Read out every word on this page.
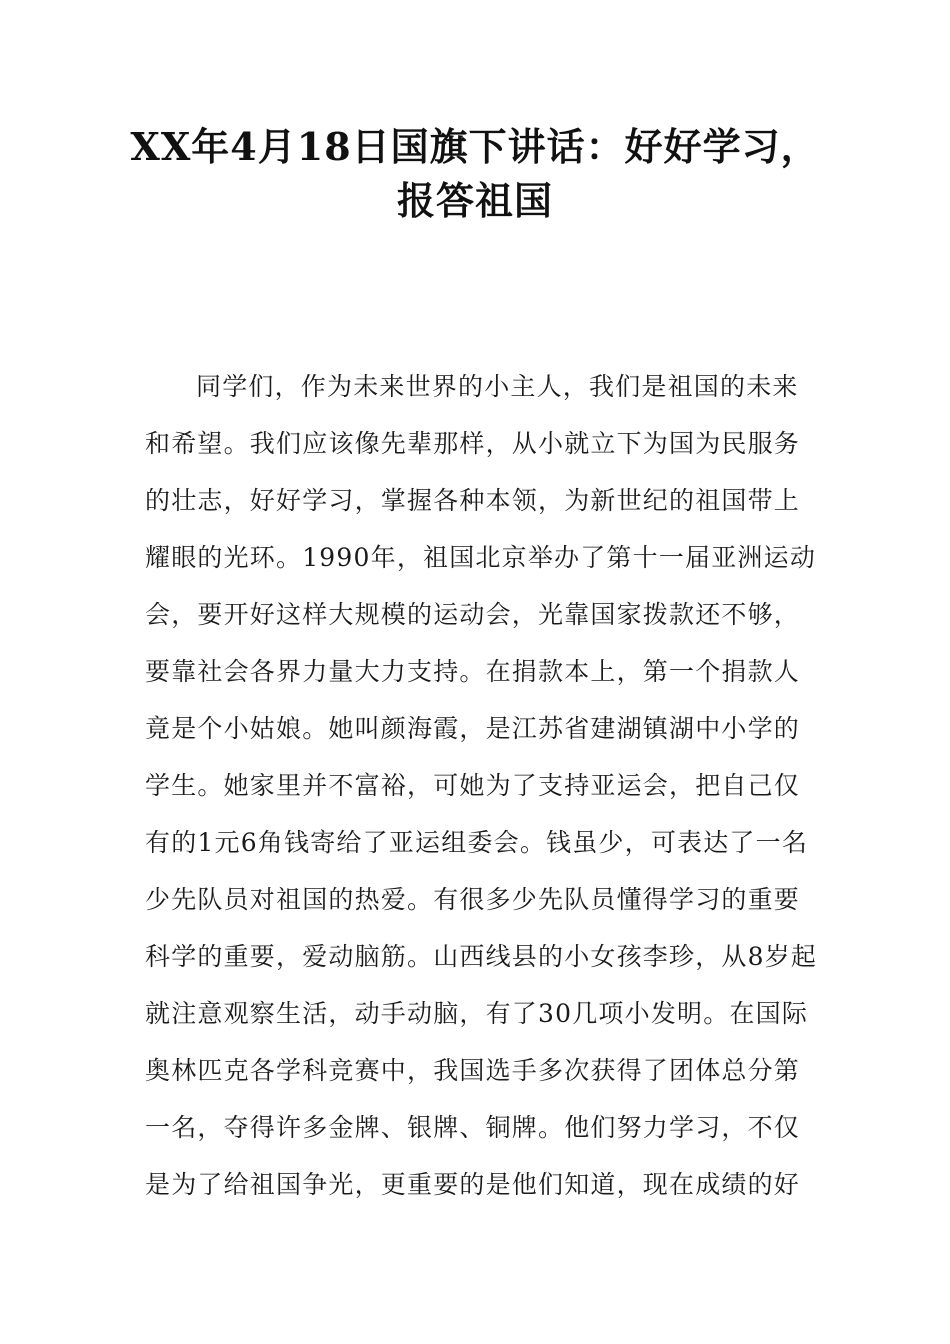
XX年4月18日国旗下讲话：好好学习，
报答祖国

同学们，作为未来世界的小主人，我们是祖国的未来

和希望。我们应该像先辈那样，从小就立下为国为民服务

的壮志，好好学习，掌握各种本领，为新世纪的祖国带上

耀眼的光环。1990年，祖国北京举办了第十一届亚洲运动

会，要开好这样大规模的运动会，光靠国家拨款还不够，

要靠社会各界力量大力支持。在捐款本上，第一个捐款人

竟是个小姑娘。她叫颜海霞，是江苏省建湖镇湖中小学的

学生。她家里并不富裕，可她为了支持亚运会，把自己仅

有的1元6角钱寄给了亚运组委会。钱虽少，可表达了一名

少先队员对祖国的热爱。有很多少先队员懂得学习的重要

科学的重要，爱动脑筋。山西线县的小女孩李珍，从8岁起

就注意观察生活，动手动脑，有了30几项小发明。在国际

奥林匹克各学科竞赛中，我国选手多次获得了团体总分第

一名，夺得许多金牌、银牌、铜牌。他们努力学习，不仅

是为了给祖国争光，更重要的是他们知道，现在成绩的好
